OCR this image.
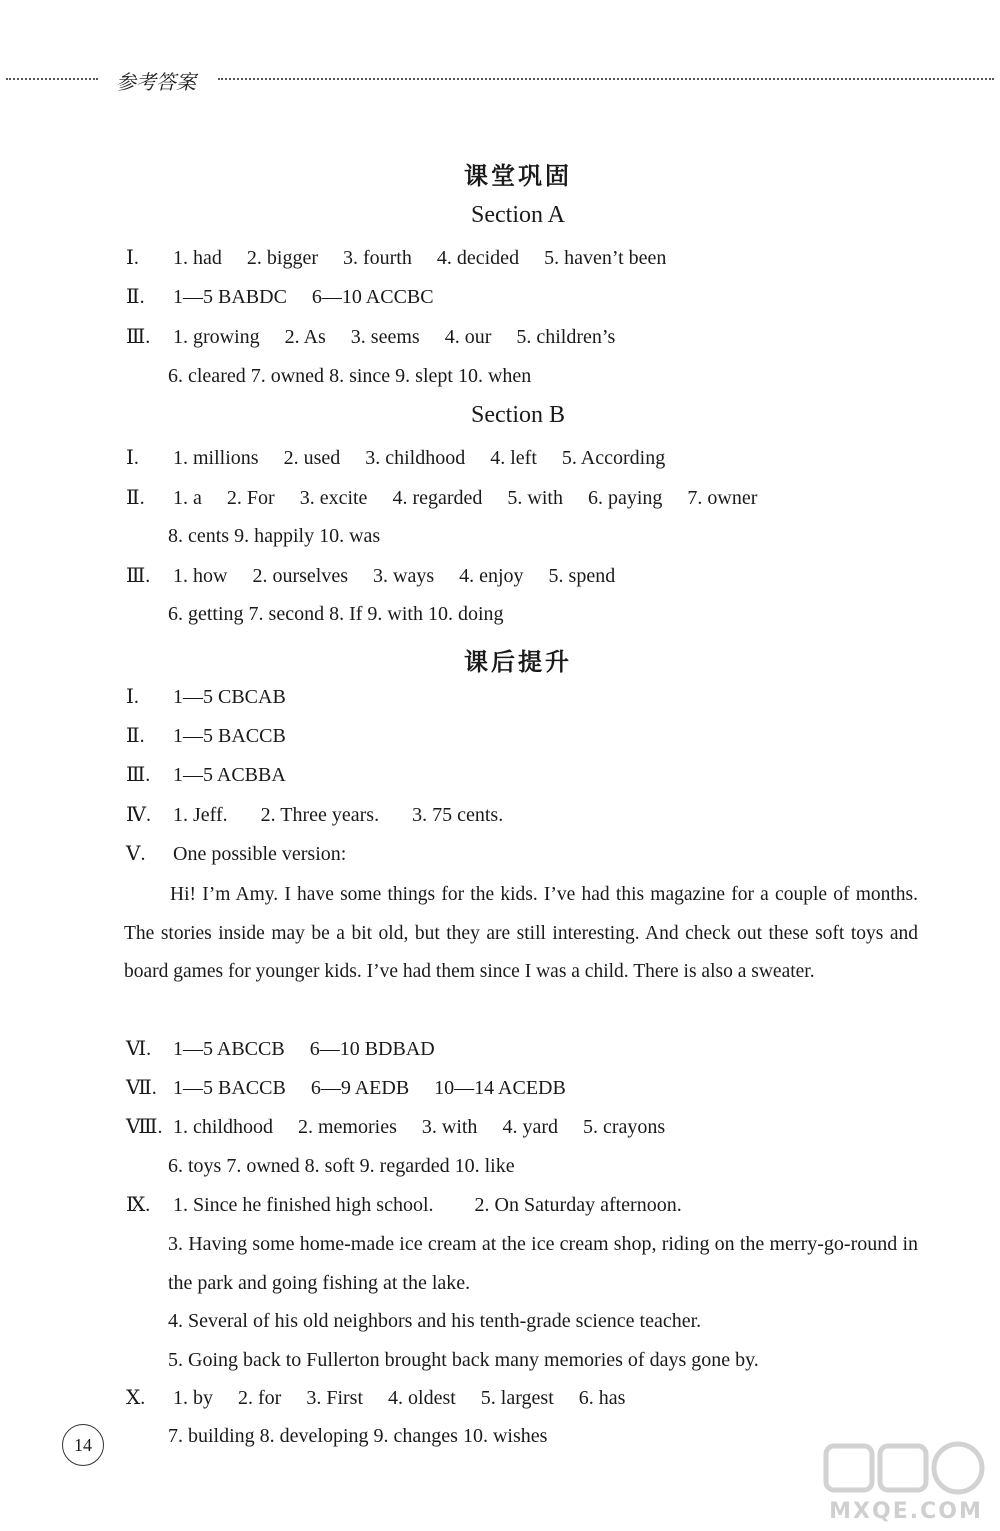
参考答案
课堂巩固
Section A
Ⅰ. 1. had 2. bigger 3. fourth 4. decided 5. haven’t been
Ⅱ. 1—5 BABDC 6—10 ACCBC
Ⅲ. 1. growing 2. As 3. seems 4. our 5. children’s
6. cleared 7. owned 8. since 9. slept 10. when
Section B
Ⅰ. 1. millions 2. used 3. childhood 4. left 5. According
Ⅱ. 1. a 2. For 3. excite 4. regarded 5. with 6. paying 7. owner
8. cents 9. happily 10. was
Ⅲ. 1. how 2. ourselves 3. ways 4. enjoy 5. spend
6. getting 7. second 8. If 9. with 10. doing
课后提升
Ⅰ. 1—5 CBCAB
Ⅱ. 1—5 BACCB
Ⅲ. 1—5 ACBBA
Ⅳ. 1. Jeff. 2. Three years. 3. 75 cents.
Ⅴ. One possible version:
Hi! I’m Amy. I have some things for the kids. I’ve had this magazine for a couple of months. The stories inside may be a bit old, but they are still interesting. And check out these soft toys and board games for younger kids. I’ve had them since I was a child. There is also a sweater.
Ⅵ. 1—5 ABCCB 6—10 BDBAD
Ⅶ. 1—5 BACCB 6—9 AEDB 10—14 ACEDB
Ⅷ. 1. childhood 2. memories 3. with 4. yard 5. crayons
6. toys 7. owned 8. soft 9. regarded 10. like
Ⅸ. 1. Since he finished high school. 2. On Saturday afternoon.
3. Having some home-made ice cream at the ice cream shop, riding on the merry-go-round in the park and going fishing at the lake.
4. Several of his old neighbors and his tenth-grade science teacher.
5. Going back to Fullerton brought back many memories of days gone by.
Ⅹ. 1. by 2. for 3. First 4. oldest 5. largest 6. has
7. building 8. developing 9. changes 10. wishes
14
MXQE.COM
